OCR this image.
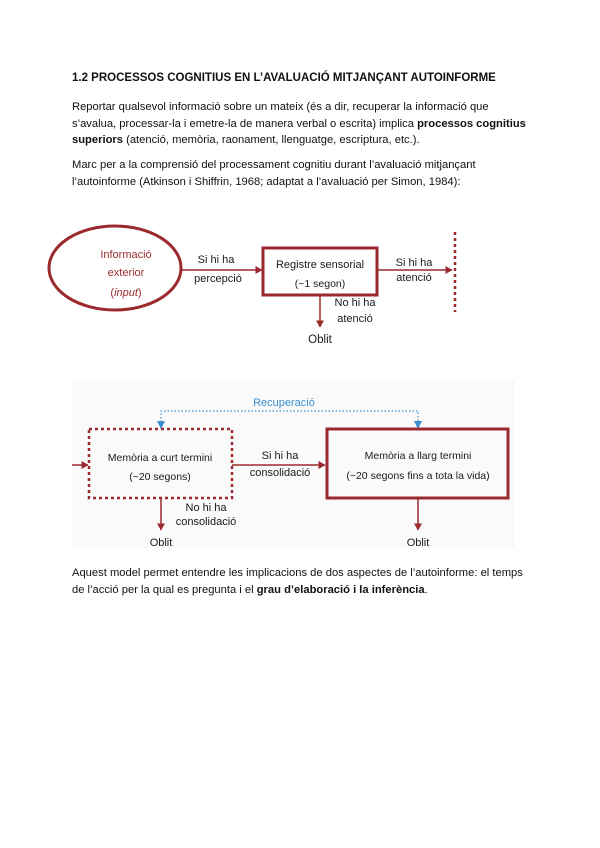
1.2 PROCESSOS COGNITIUS EN L’AVALUACIÓ MITJANÇANT AUTOINFORME

Reportar qualsevol informació sobre un mateix (és a dir, recuperar la informació que s’avalua, processar-la i emetre-la de manera verbal o escrita) implica processos cognitius superiors (atenció, memòria, raonament, llenguatge, escriptura, etc.).

Marc per a la comprensió del processament cognitiu durant l’avaluació mitjançant l’autoinforme (Atkinson i Shiffrin, 1968; adaptat a l’avaluació per Simon, 1984):

Informació
exterior
(input)
Si hi ha
percepció
Registre sensorial
(~1 segon)
Si hi ha
atenció
No hi ha
atenció
Oblit
Recuperació
Memòria a curt termini
(~20 segons)
Si hi ha
consolidació
Memòria a llarg termini
(~20 segons fins a tota la vida)
No hi ha
consolidació
Oblit	Oblit

Aquest model permet entendre les implicacions de dos aspectes de l’autoinforme: el temps de l’acció per la qual es pregunta i el grau d’elaboració i la inferència.
